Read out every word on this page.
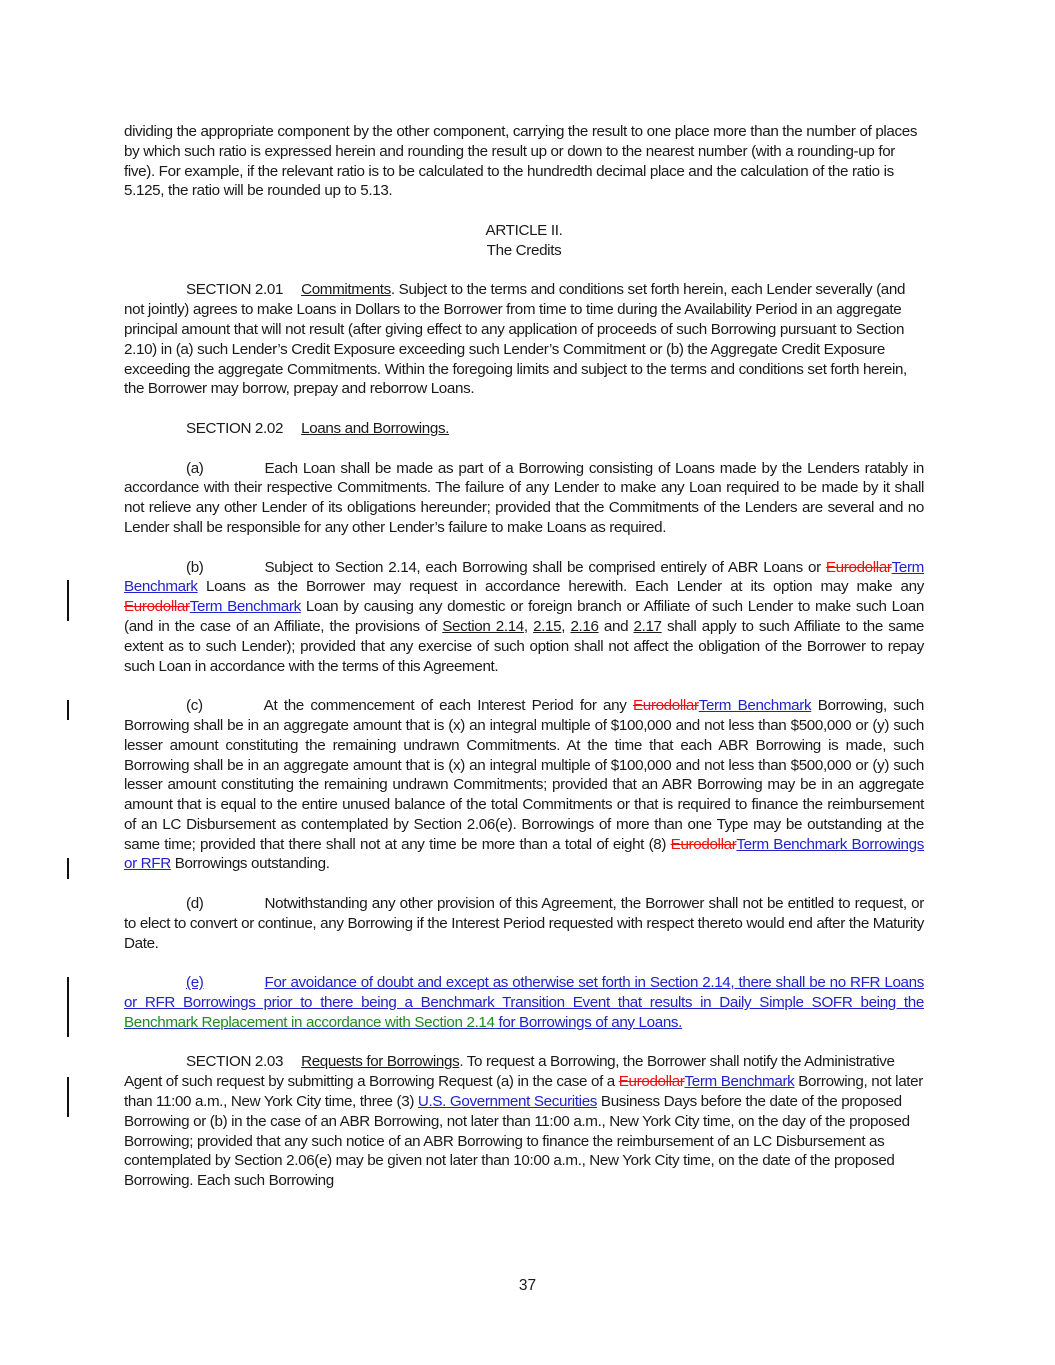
dividing the appropriate component by the other component, carrying the result to one place more than the number of places by which such ratio is expressed herein and rounding the result up or down to the nearest number (with a rounding-up for five). For example, if the relevant ratio is to be calculated to the hundredth decimal place and the calculation of the ratio is 5.125, the ratio will be rounded up to 5.13.

ARTICLE II.

The Credits

SECTION 2.01 Commitments. Subject to the terms and conditions set forth herein, each Lender severally (and not jointly) agrees to make Loans in Dollars to the Borrower from time to time during the Availability Period in an aggregate principal amount that will not result (after giving effect to any application of proceeds of such Borrowing pursuant to Section 2.10) in (a) such Lender’s Credit Exposure exceeding such Lender’s Commitment or (b) the Aggregate Credit Exposure exceeding the aggregate Commitments. Within the foregoing limits and subject to the terms and conditions set forth herein, the Borrower may borrow, prepay and reborrow Loans.

SECTION 2.02 Loans and Borrowings.

(a)	Each Loan shall be made as part of a Borrowing consisting of Loans made by the Lenders ratably in accordance with their respective Commitments. The failure of any Lender to make any Loan required to be made by it shall not relieve any other Lender of its obligations hereunder; provided that the Commitments of the Lenders are several and no Lender shall be responsible for any other Lender’s failure to make Loans as required.

(b)	Subject to Section 2.14, each Borrowing shall be comprised entirely of ABR Loans or EurodollarTerm Benchmark Loans as the Borrower may request in accordance herewith. Each Lender at its option may make any EurodollarTerm Benchmark Loan by causing any domestic or foreign branch or Affiliate of such Lender to make such Loan (and in the case of an Affiliate, the provisions of Section 2.14, 2.15, 2.16 and 2.17 shall apply to such Affiliate to the same extent as to such Lender); provided that any exercise of such option shall not affect the obligation of the Borrower to repay such Loan in accordance with the terms of this Agreement.

(c)	At the commencement of each Interest Period for any EurodollarTerm Benchmark Borrowing, such Borrowing shall be in an aggregate amount that is (x) an integral multiple of $100,000 and not less than $500,000 or (y) such lesser amount constituting the remaining undrawn Commitments. At the time that each ABR Borrowing is made, such Borrowing shall be in an aggregate amount that is (x) an integral multiple of $100,000 and not less than $500,000 or (y) such lesser amount constituting the remaining undrawn Commitments; provided that an ABR Borrowing may be in an aggregate amount that is equal to the entire unused balance of the total Commitments or that is required to finance the reimbursement of an LC Disbursement as contemplated by Section 2.06(e). Borrowings of more than one Type may be outstanding at the same time; provided that there shall not at any time be more than a total of eight (8) EurodollarTerm Benchmark Borrowings or RFR Borrowings outstanding.

(d)	Notwithstanding any other provision of this Agreement, the Borrower shall not be entitled to request, or to elect to convert or continue, any Borrowing if the Interest Period requested with respect thereto would end after the Maturity Date.

(e)	For avoidance of doubt and except as otherwise set forth in Section 2.14, there shall be no RFR Loans or RFR Borrowings prior to there being a Benchmark Transition Event that results in Daily Simple SOFR being the Benchmark Replacement in accordance with Section 2.14 for Borrowings of any Loans.

SECTION 2.03 Requests for Borrowings. To request a Borrowing, the Borrower shall notify the Administrative Agent of such request by submitting a Borrowing Request (a) in the case of a EurodollarTerm Benchmark Borrowing, not later than 11:00 a.m., New York City time, three (3) U.S. Government Securities Business Days before the date of the proposed Borrowing or (b) in the case of an ABR Borrowing, not later than 11:00 a.m., New York City time, on the day of the proposed Borrowing; provided that any such notice of an ABR Borrowing to finance the reimbursement of an LC Disbursement as contemplated by Section 2.06(e) may be given not later than 10:00 a.m., New York City time, on the date of the proposed Borrowing. Each such Borrowing

37
